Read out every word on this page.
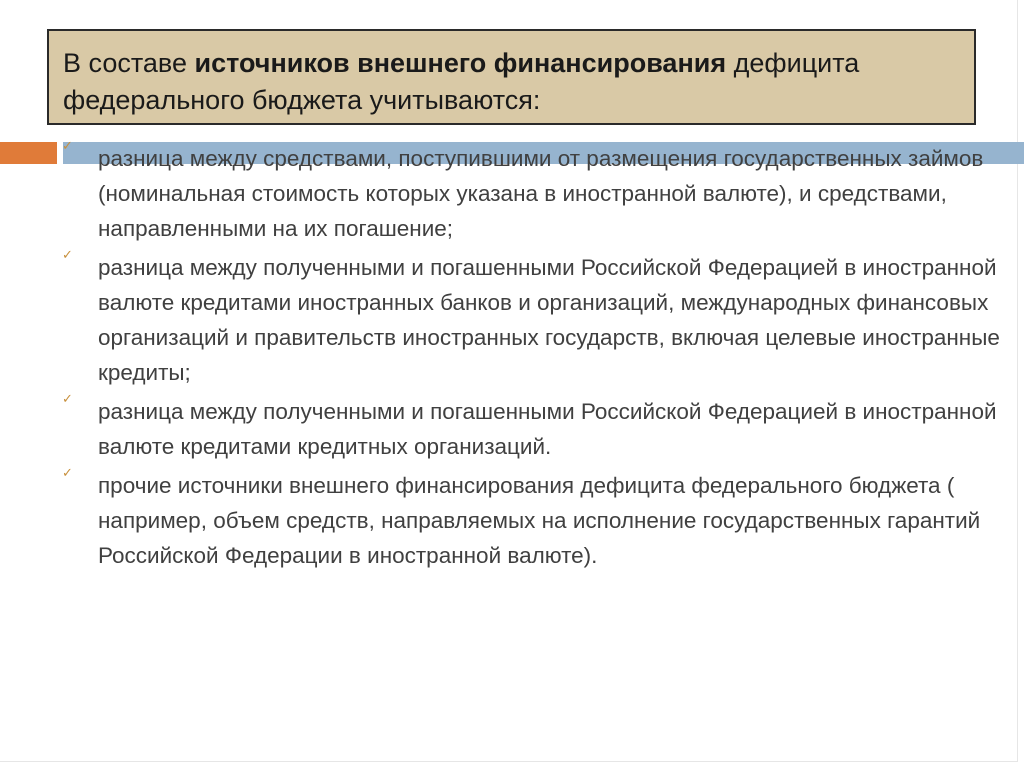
В составе источников внешнего финансирования дефицита федерального бюджета учитываются:
✓
разница между средствами, поступившими от размещения государственных займов (номинальная стоимость которых указана в иностранной валюте), и средствами, направленными на их погашение;
✓
разница между полученными и погашенными Российской Федерацией в иностранной валюте кредитами иностранных банков и организаций, международных финансовых организаций и правительств иностранных государств, включая целевые иностранные кредиты;
✓
разница между полученными и погашенными Российской Федерацией в иностранной валюте кредитами кредитных организаций.
✓
прочие источники внешнего финансирования дефицита федерального бюджета ( например, объем средств, направляемых на исполнение государственных гарантий Российской Федерации в иностранной валюте).
